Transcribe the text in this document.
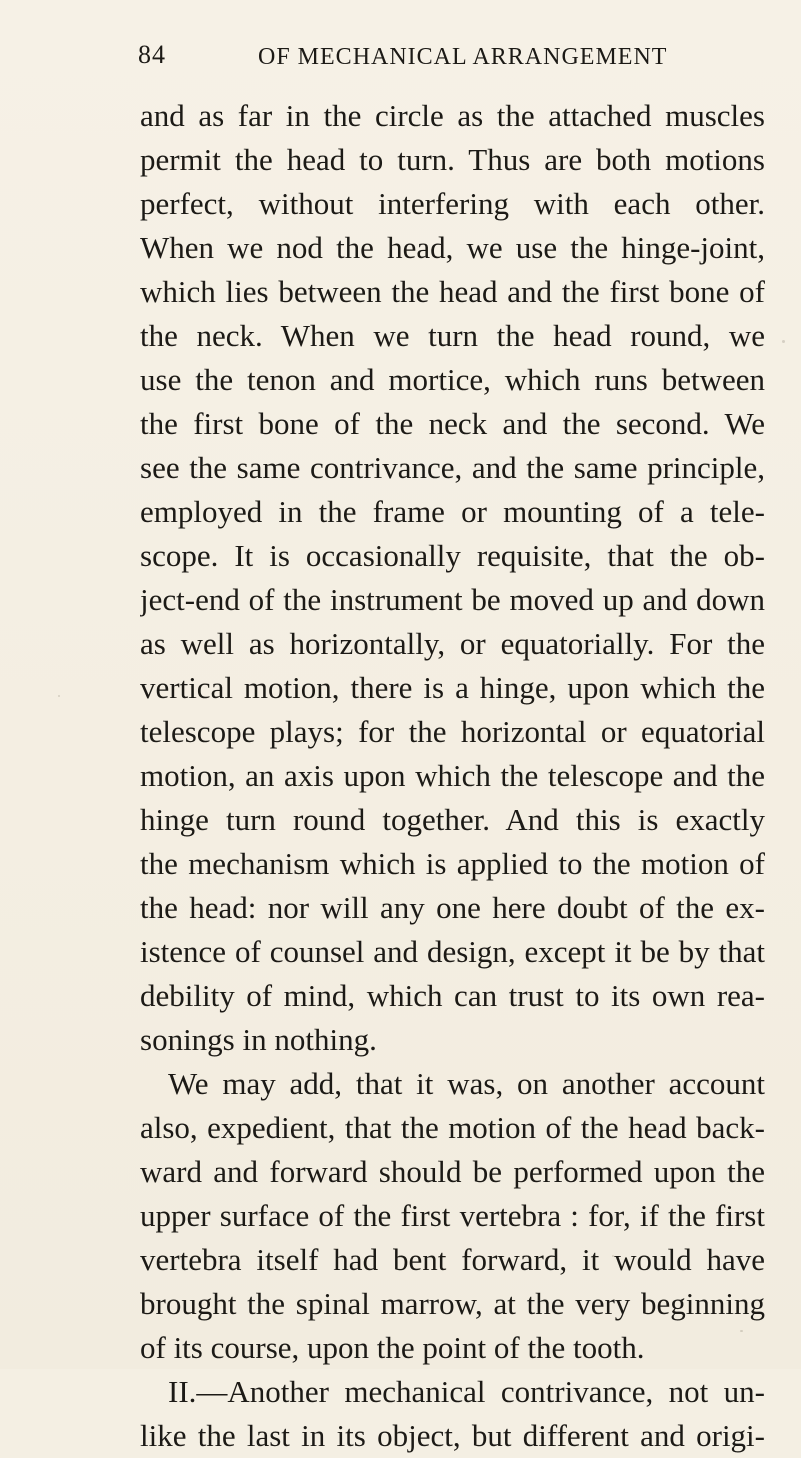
84	OF MECHANICAL ARRANGEMENT
and as far in the circle as the attached muscles
permit the head to turn. Thus are both motions
perfect, without interfering with each other.
When we nod the head, we use the hinge-joint,
which lies between the head and the first bone of
the neck. When we turn the head round, we
use the tenon and mortice, which runs between
the first bone of the neck and the second. We
see the same contrivance, and the same principle,
employed in the frame or mounting of a tele-
scope. It is occasionally requisite, that the ob-
ject-end of the instrument be moved up and down
as well as horizontally, or equatorially. For the
vertical motion, there is a hinge, upon which the
telescope plays; for the horizontal or equatorial
motion, an axis upon which the telescope and the
hinge turn round together. And this is exactly
the mechanism which is applied to the motion of
the head: nor will any one here doubt of the ex-
istence of counsel and design, except it be by that
debility of mind, which can trust to its own rea-
sonings in nothing.
We may add, that it was, on another account
also, expedient, that the motion of the head back-
ward and forward should be performed upon the
upper surface of the first vertebra : for, if the first
vertebra itself had bent forward, it would have
brought the spinal marrow, at the very beginning
of its course, upon the point of the tooth.
II.—Another mechanical contrivance, not un-
like the last in its object, but different and origi-
